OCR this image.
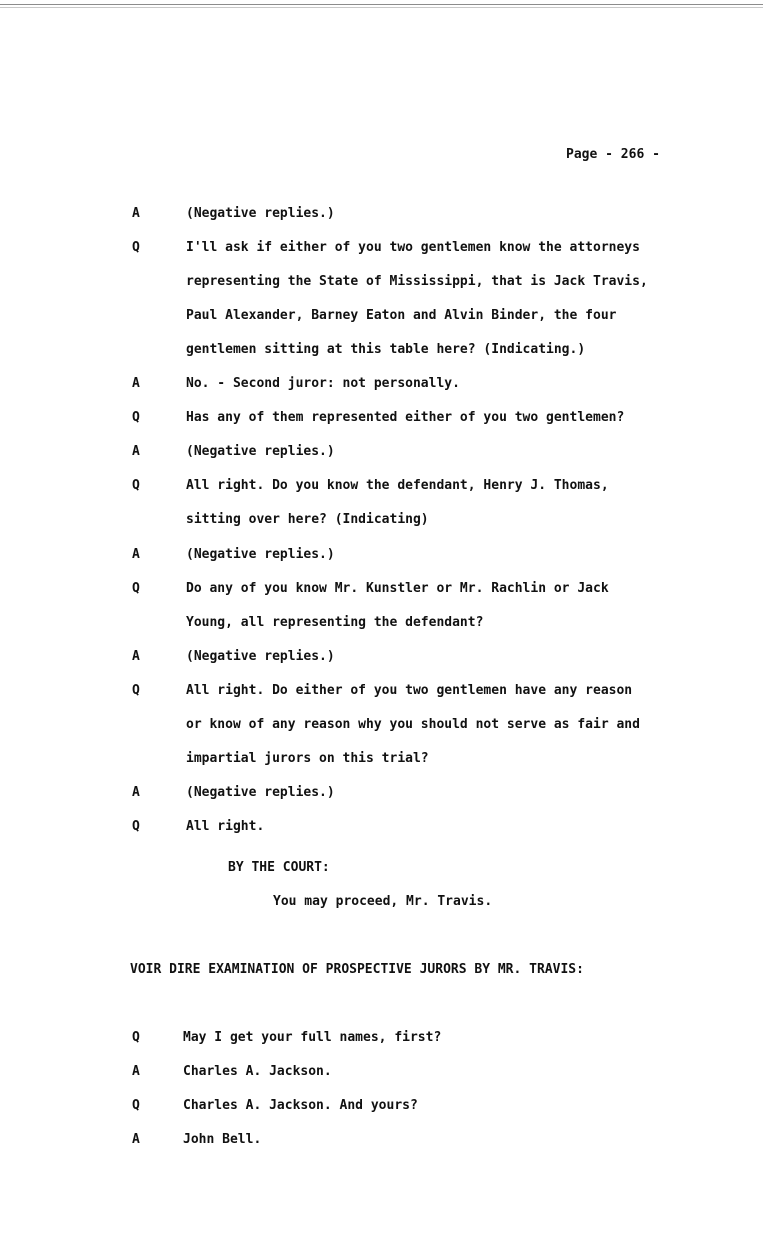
Page - 266 -
A	(Negative replies.)
Q	I'll ask if either of you two gentlemen know the attorneys
representing the State of Mississippi, that is Jack Travis,
Paul Alexander, Barney Eaton and Alvin Binder, the four
gentlemen sitting at this table here? (Indicating.)
A	No. - Second juror: not personally.
Q	Has any of them represented either of you two gentlemen?
A	(Negative replies.)
Q	All right. Do you know the defendant, Henry J. Thomas,
sitting over here? (Indicating)
A	(Negative replies.)
Q	Do any of you know Mr. Kunstler or Mr. Rachlin or Jack
Young, all representing the defendant?
A	(Negative replies.)
Q	All right. Do either of you two gentlemen have any reason
or know of any reason why you should not serve as fair and
impartial jurors on this trial?
A	(Negative replies.)
Q	All right.
BY THE COURT:
You may proceed, Mr. Travis.
VOIR DIRE EXAMINATION OF PROSPECTIVE JURORS BY MR. TRAVIS:
Q	May I get your full names, first?
A	Charles A. Jackson.
Q	Charles A. Jackson. And yours?
A	John Bell.
